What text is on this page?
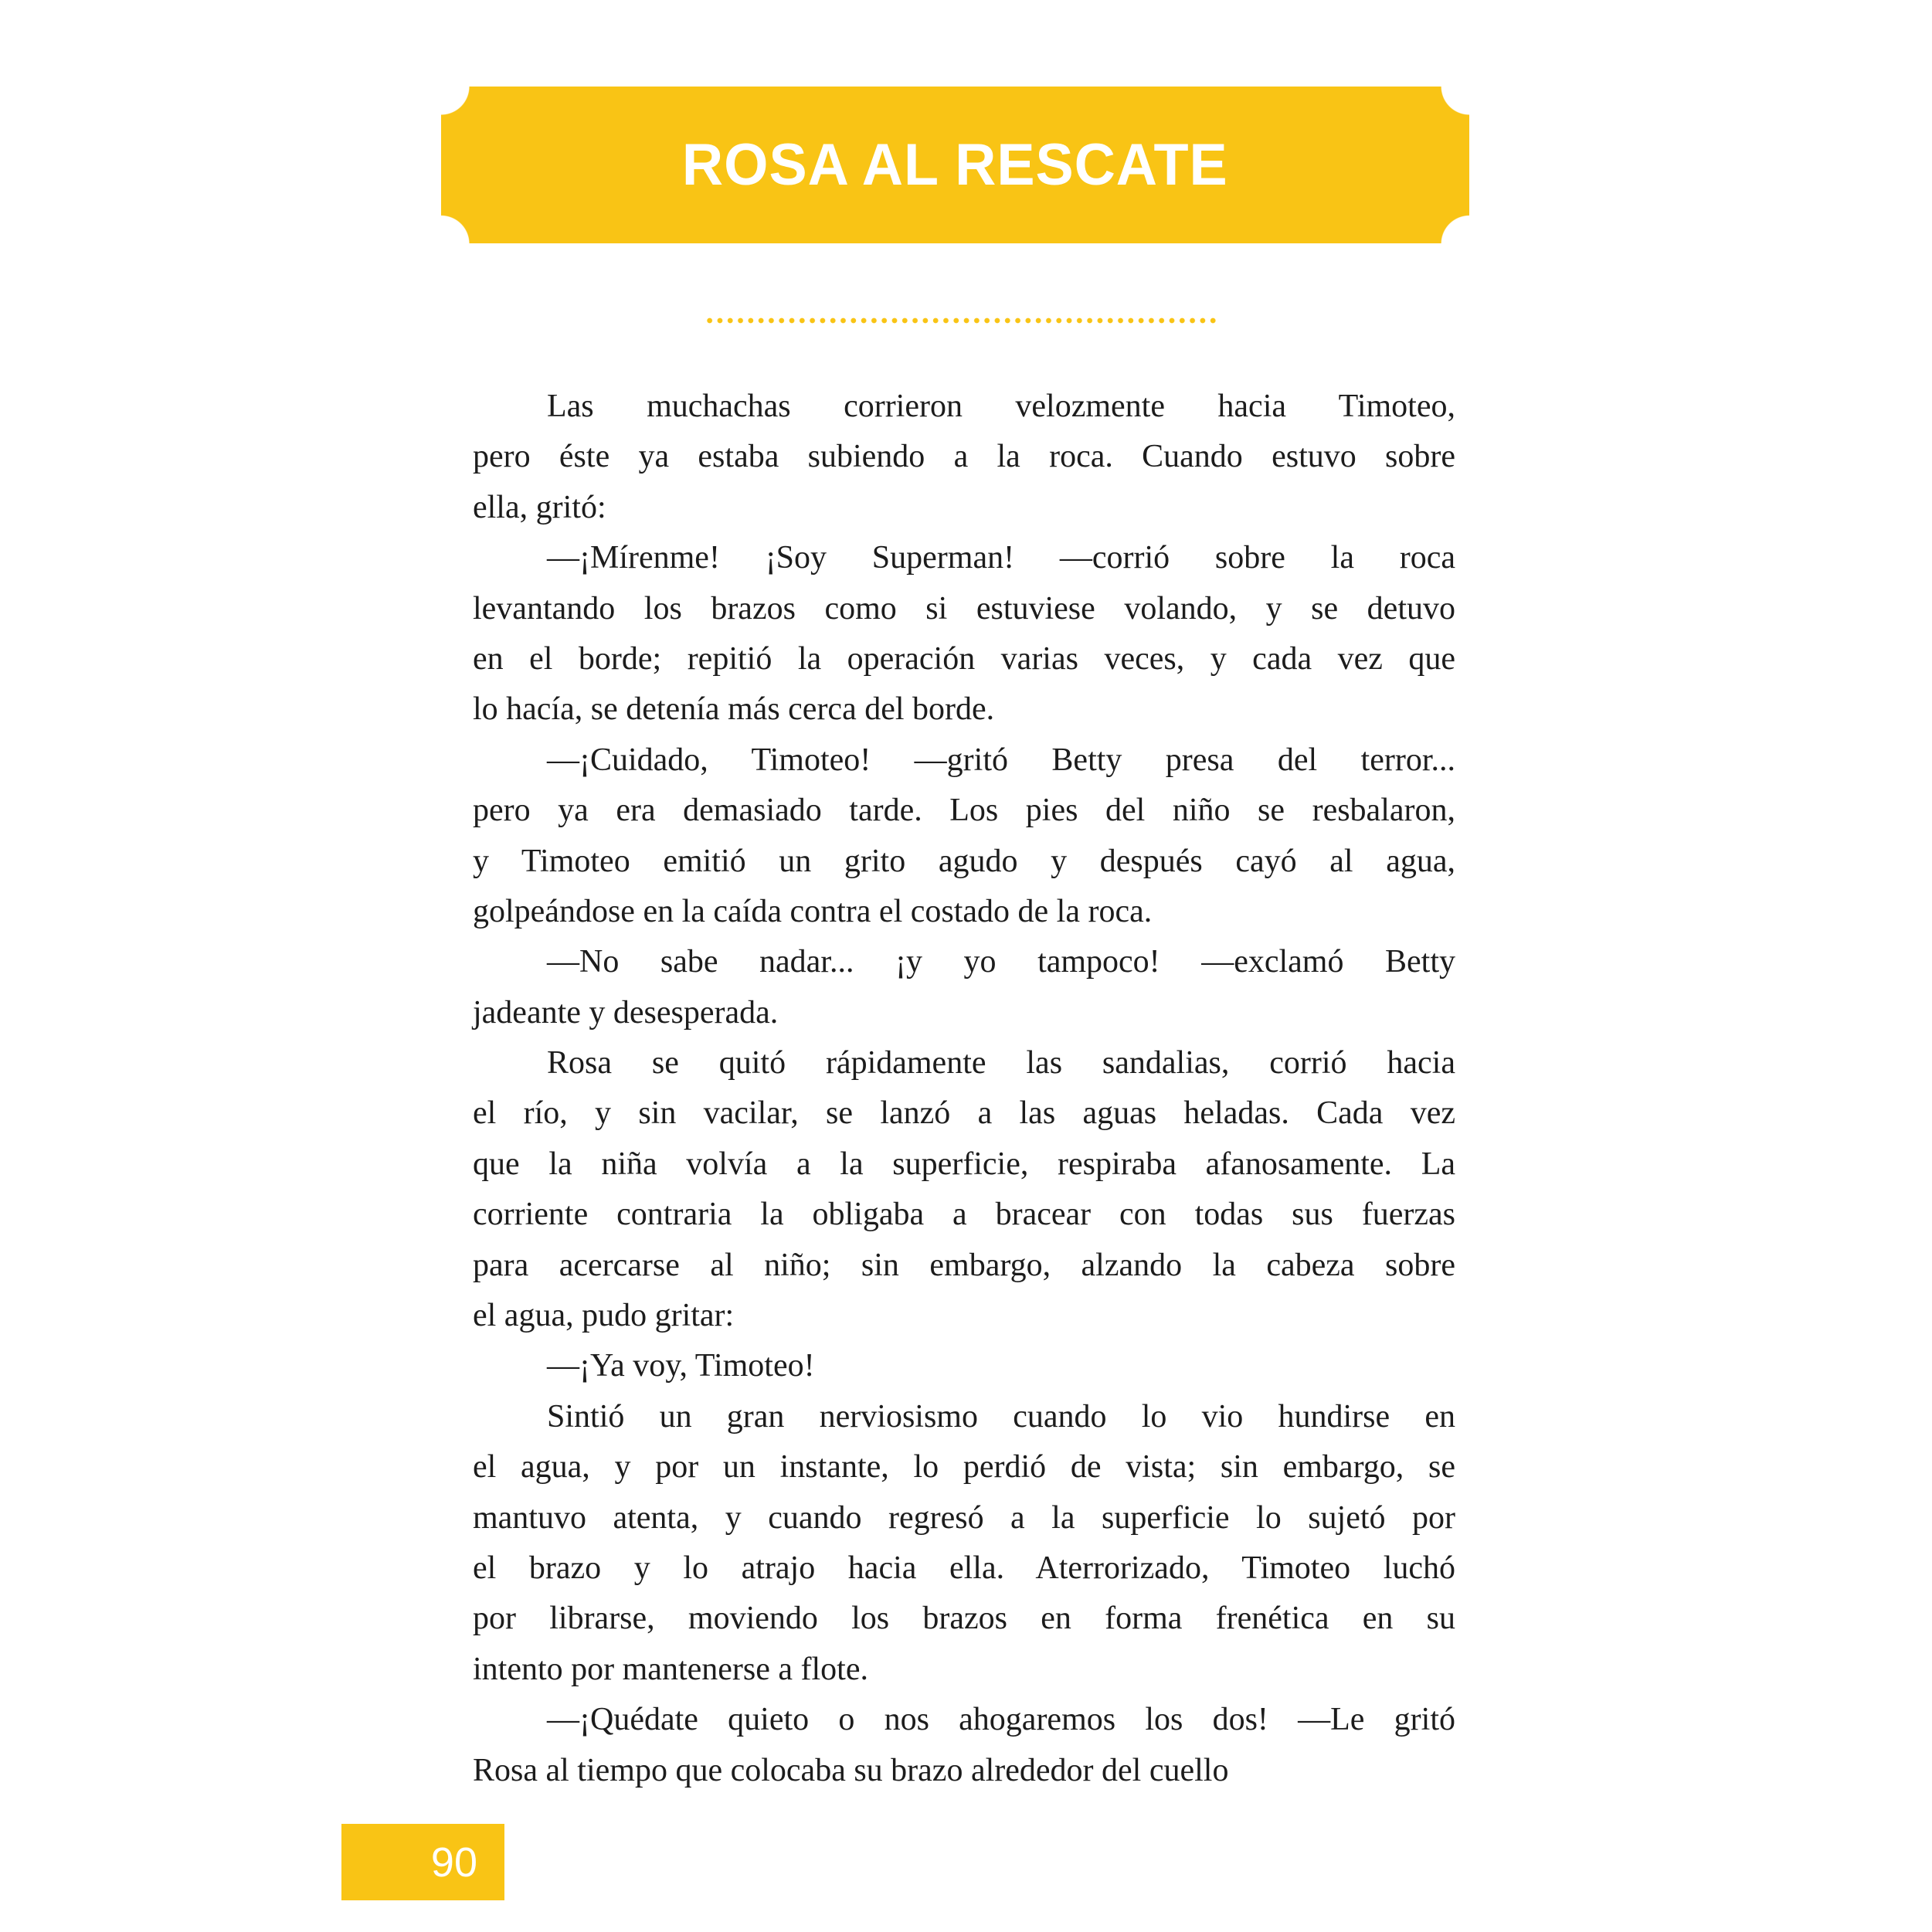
ROSA AL RESCATE
Las muchachas corrieron velozmente hacia Timoteo,
pero éste ya estaba subiendo a la roca. Cuando estuvo sobre
ella, gritó:
—¡Mírenme! ¡Soy Superman! —corrió sobre la roca
levantando los brazos como si estuviese volando, y se detuvo
en el borde; repitió la operación varias veces, y cada vez que
lo hacía, se detenía más cerca del borde.
—¡Cuidado, Timoteo! —gritó Betty presa del terror...
pero ya era demasiado tarde. Los pies del niño se resbalaron,
y Timoteo emitió un grito agudo y después cayó al agua,
golpeándose en la caída contra el costado de la roca.
—No sabe nadar... ¡y yo tampoco! —exclamó Betty
jadeante y desesperada.
Rosa se quitó rápidamente las sandalias, corrió hacia
el río, y sin vacilar, se lanzó a las aguas heladas. Cada vez
que la niña volvía a la superficie, respiraba afanosamente. La
corriente contraria la obligaba a bracear con todas sus fuerzas
para acercarse al niño; sin embargo, alzando la cabeza sobre
el agua, pudo gritar:
—¡Ya voy, Timoteo!
Sintió un gran nerviosismo cuando lo vio hundirse en
el agua, y por un instante, lo perdió de vista; sin embargo, se
mantuvo atenta, y cuando regresó a la superficie lo sujetó por
el brazo y lo atrajo hacia ella. Aterrorizado, Timoteo luchó
por librarse, moviendo los brazos en forma frenética en su
intento por mantenerse a flote.
—¡Quédate quieto o nos ahogaremos los dos! —Le gritó
Rosa al tiempo que colocaba su brazo alrededor del cuello
90
